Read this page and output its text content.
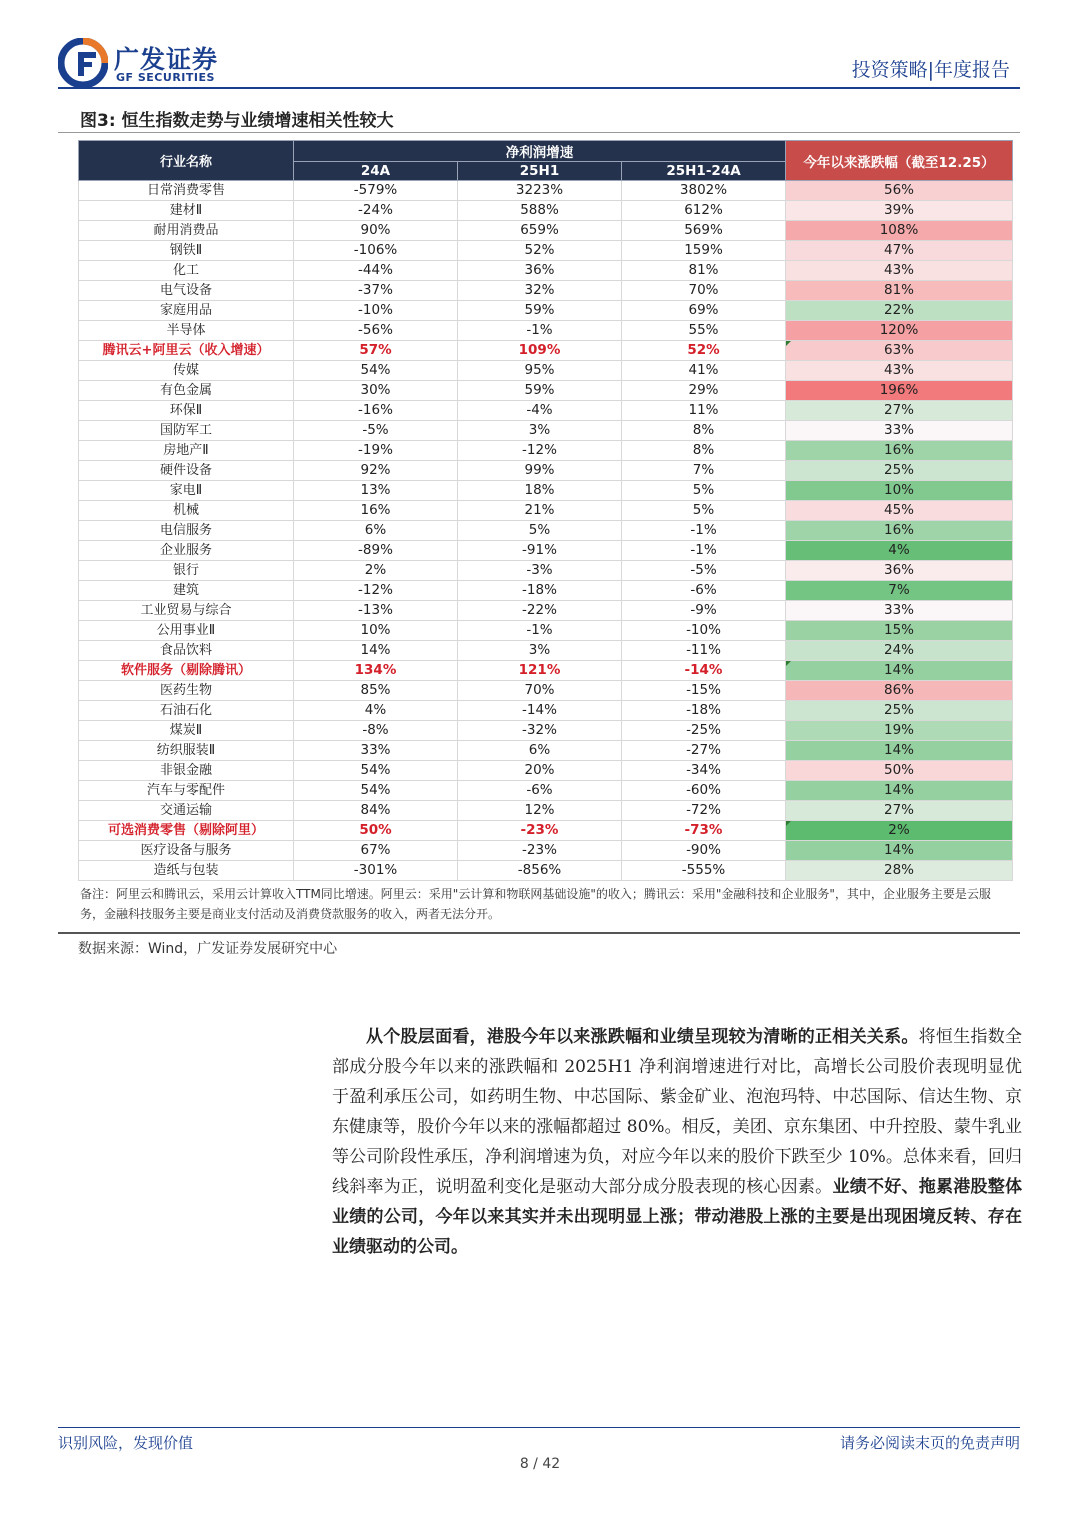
广发证券
GF SECURITIES	投资策略|年度报告
图3: 恒生指数走势与业绩增速相关性较大
行业名称	净利润增速			今年以来涨跌幅（截至12.25）
	24A	25H1	25H1-24A	
日常消费零售	-579%	3223%	3802%	56%
建材Ⅱ	-24%	588%	612%	39%
耐用消费品	90%	659%	569%	108%
钢铁Ⅱ	-106%	52%	159%	47%
化工	-44%	36%	81%	43%
电气设备	-37%	32%	70%	81%
家庭用品	-10%	59%	69%	22%
半导体	-56%	-1%	55%	120%
腾讯云+阿里云（收入增速）	57%	109%	52%	63%
传媒	54%	95%	41%	43%
有色金属	30%	59%	29%	196%
环保Ⅱ	-16%	-4%	11%	27%
国防军工	-5%	3%	8%	33%
房地产Ⅱ	-19%	-12%	8%	16%
硬件设备	92%	99%	7%	25%
家电Ⅱ	13%	18%	5%	10%
机械	16%	21%	5%	45%
电信服务	6%	5%	-1%	16%
企业服务	-89%	-91%	-1%	4%
银行	2%	-3%	-5%	36%
建筑	-12%	-18%	-6%	7%
工业贸易与综合	-13%	-22%	-9%	33%
公用事业Ⅱ	10%	-1%	-10%	15%
食品饮料	14%	3%	-11%	24%
软件服务（剔除腾讯）	134%	121%	-14%	14%
医药生物	85%	70%	-15%	86%
石油石化	4%	-14%	-18%	25%
煤炭Ⅱ	-8%	-32%	-25%	19%
纺织服装Ⅱ	33%	6%	-27%	14%
非银金融	54%	20%	-34%	50%
汽车与零配件	54%	-6%	-60%	14%
交通运输	84%	12%	-72%	27%
可选消费零售（剔除阿里）	50%	-23%	-73%	2%
医疗设备与服务	67%	-23%	-90%	14%
造纸与包装	-301%	-856%	-555%	28%
备注：阿里云和腾讯云，采用云计算收入TTM同比增速。阿里云：采用"云计算和物联网基础设施"的收入；腾讯云：采用"金融科技和企业服务"，其中，企业服务主要是云服务，金融科技服务主要是商业支付活动及消费贷款服务的收入，两者无法分开。
数据来源：Wind，广发证券发展研究中心
从个股层面看，港股今年以来涨跌幅和业绩呈现较为清晰的正相关关系。将恒生指数全部成分股今年以来的涨跌幅和 2025H1 净利润增速进行对比，高增长公司股价表现明显优于盈利承压公司，如药明生物、中芯国际、紫金矿业、泡泡玛特、中芯国际、信达生物、京东健康等，股价今年以来的涨幅都超过 80%。相反，美团、京东集团、中升控股、蒙牛乳业等公司阶段性承压，净利润增速为负，对应今年以来的股价下跌至少 10%。总体来看，回归线斜率为正，说明盈利变化是驱动大部分成分股表现的核心因素。业绩不好、拖累港股整体业绩的公司，今年以来其实并未出现明显上涨；带动港股上涨的主要是出现困境反转、存在业绩驱动的公司。
识别风险，发现价值	请务必阅读末页的免责声明
8 / 42
